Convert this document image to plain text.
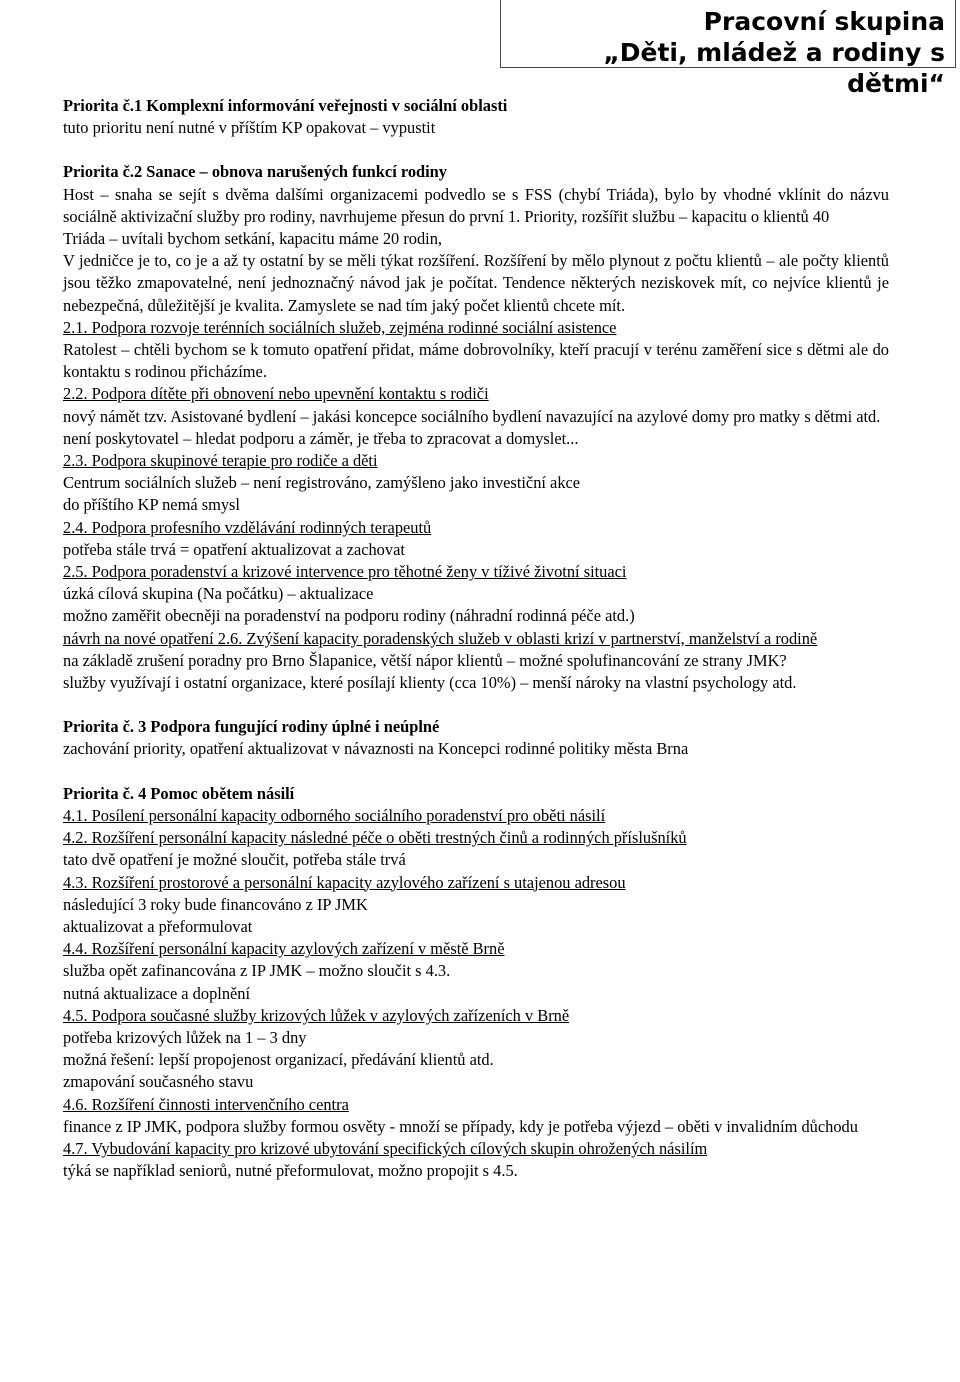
Pracovní skupina
„Děti, mládež a rodiny s dětmi“

Priorita č.1 Komplexní informování veřejnosti v sociální oblasti

tuto prioritu není nutné v příštím KP opakovat – vypustit

Priorita č.2 Sanace – obnova narušených funkcí rodiny

Host – snaha se sejít s dvěma dalšími organizacemi podvedlo se s FSS (chybí Triáda), bylo by vhodné vklínit do názvu sociálně aktivizační služby pro rodiny, navrhujeme přesun do první 1. Priority, rozšířit službu – kapacitu o klientů 40

Triáda – uvítali bychom setkání, kapacitu máme 20 rodin,

V jedničce je to, co je a až ty ostatní by se měli týkat rozšíření. Rozšíření by mělo plynout z počtu klientů – ale počty klientů jsou těžko zmapovatelné, není jednoznačný návod jak je počítat. Tendence některých neziskovek mít, co nejvíce klientů je nebezpečná, důležitější je kvalita. Zamyslete se nad tím jaký počet klientů chcete mít.

2.1. Podpora rozvoje terénních sociálních služeb, zejména rodinné sociální asistence

Ratolest – chtěli bychom se k tomuto opatření přidat, máme dobrovolníky, kteří pracují v terénu zaměření sice s dětmi ale do kontaktu s rodinou přicházíme.

2.2. Podpora dítěte při obnovení nebo upevnění kontaktu s rodiči

nový námět tzv. Asistované bydlení – jakási koncepce sociálního bydlení navazující na azylové domy pro matky s dětmi atd.

není poskytovatel – hledat podporu a záměr, je třeba to zpracovat a domyslet...

2.3. Podpora skupinové terapie pro rodiče a děti

Centrum sociálních služeb – není registrováno, zamýšleno jako investiční akce

do příštího KP nemá smysl

2.4. Podpora profesního vzdělávání rodinných terapeutů

potřeba stále trvá = opatření aktualizovat a zachovat

2.5. Podpora poradenství a krizové intervence pro těhotné ženy v tíživé životní situaci

úzká cílová skupina (Na počátku) – aktualizace

možno zaměřit obecněji na poradenství na podporu rodiny (náhradní rodinná péče atd.)

návrh na nové opatření 2.6. Zvýšení kapacity poradenských služeb v oblasti krizí v partnerství, manželství a rodině

na základě zrušení poradny pro Brno Šlapanice, větší nápor klientů – možné spolufinancování ze strany JMK?

služby využívají i ostatní organizace, které posílají klienty (cca 10%) – menší nároky na vlastní psychology atd.

Priorita č. 3 Podpora fungující rodiny úplné i neúplné

zachování priority, opatření aktualizovat v návaznosti na Koncepci rodinné politiky města Brna

Priorita č. 4 Pomoc obětem násilí

4.1. Posílení personální kapacity odborného sociálního poradenství pro oběti násilí

4.2. Rozšíření personální kapacity následné péče o oběti trestných činů a rodinných příslušníků

tato dvě opatření je možné sloučit, potřeba stále trvá

4.3. Rozšíření prostorové a personální kapacity azylového zařízení s utajenou adresou

následující 3 roky bude financováno z IP JMK

aktualizovat a přeformulovat

4.4. Rozšíření personální kapacity azylových zařízení v městě Brně

služba opět zafinancována z IP JMK – možno sloučit s 4.3.

nutná aktualizace a doplnění

4.5. Podpora současné služby krizových lůžek v azylových zařízeních v Brně

potřeba krizových lůžek na 1 – 3 dny

možná řešení: lepší propojenost organizací, předávání klientů atd.

zmapování současného stavu

4.6. Rozšíření činnosti intervenčního centra

finance z IP JMK, podpora služby formou osvěty - množí se případy, kdy je potřeba výjezd – oběti v invalidním důchodu

4.7. Vybudování kapacity pro krizové ubytování specifických cílových skupin ohrožených násilím

týká se například seniorů, nutné přeformulovat, možno propojit s 4.5.
